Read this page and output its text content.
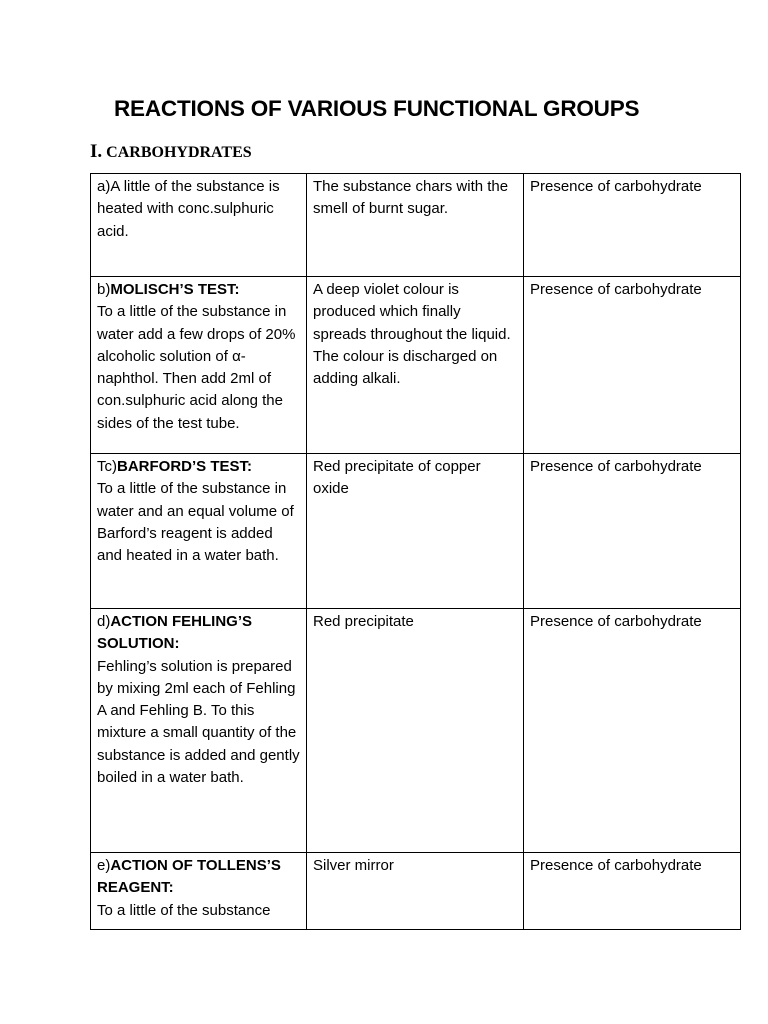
REACTIONS OF VARIOUS FUNCTIONAL GROUPS
I. CARBOHYDRATES
a)A little of the substance is heated with conc.sulphuric acid.	The substance chars with the smell of burnt sugar.	Presence of carbohydrate
b)MOLISCH’S TEST:
To a little of the substance in water add a few drops of 20% alcoholic solution of α-naphthol. Then add 2ml of con.sulphuric acid along the sides of the test tube.	A deep violet colour is produced which finally spreads throughout the liquid. The colour is discharged on adding alkali.	Presence of carbohydrate
Tc)BARFORD’S TEST:
To a little of the substance in water and an equal volume of Barford’s reagent is added and heated in a water bath.	Red precipitate of copper oxide	Presence of carbohydrate
d)ACTION FEHLING’S SOLUTION:
Fehling’s solution is prepared by mixing 2ml each of Fehling A and Fehling B. To this mixture a small quantity of the substance is added and gently boiled in a water bath.	Red precipitate	Presence of carbohydrate
e)ACTION OF TOLLENS’S REAGENT:
To a little of the substance	Silver mirror	Presence of carbohydrate
